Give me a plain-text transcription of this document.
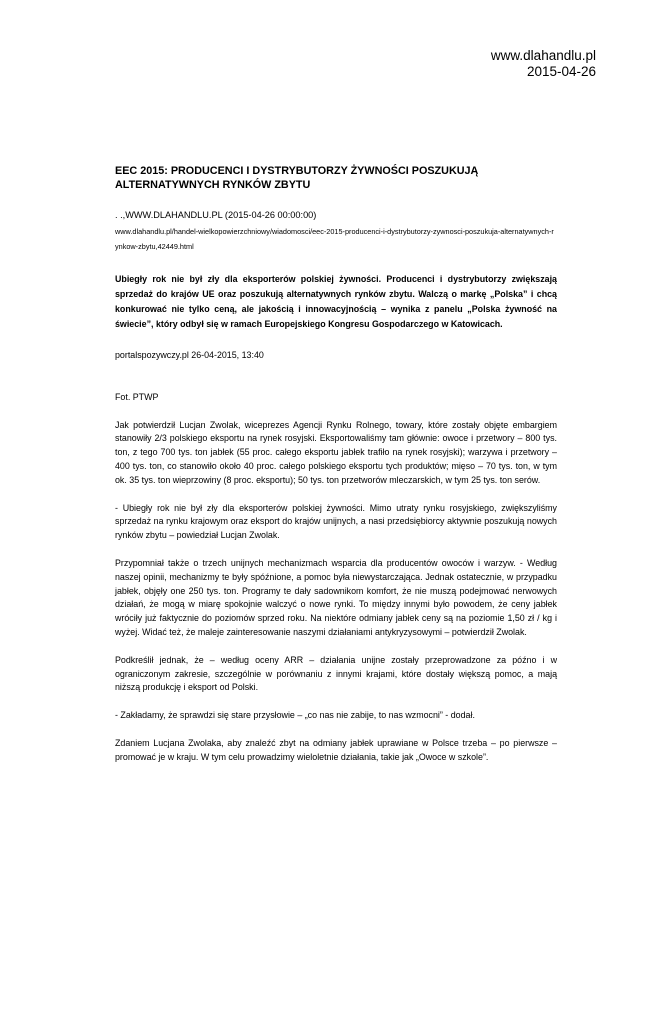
www.dlahandlu.pl
2015-04-26
EEC 2015: PRODUCENCI I DYSTRYBUTORZY ŻYWNOŚCI POSZUKUJĄ ALTERNATYWNYCH RYNKÓW ZBYTU

. .,WWW.DLAHANDLU.PL (2015-04-26 00:00:00)

www.dlahandlu.pl/handel-wielkopowierzchniowy/wiadomosci/eec-2015-producenci-i-dystrybutorzy-zywnosci-poszukuja-alternatywnych-rynkow-zbytu,42449.html

Ubiegły rok nie był zły dla eksporterów polskiej żywności. Producenci i dystrybutorzy zwiększają sprzedaż do krajów UE oraz poszukują alternatywnych rynków zbytu. Walczą o markę „Polska” i chcą konkurować nie tylko ceną, ale jakością i innowacyjnością – wynika z panelu „Polska żywność na świecie”, który odbył się w ramach Europejskiego Kongresu Gospodarczego w Katowicach.

portalspozywczy.pl 26-04-2015, 13:40

Fot. PTWP

Jak potwierdził Lucjan Zwolak, wiceprezes Agencji Rynku Rolnego, towary, które zostały objęte embargiem stanowiły 2/3 polskiego eksportu na rynek rosyjski. Eksportowaliśmy tam głównie: owoce i przetwory – 800 tys. ton, z tego 700 tys. ton jabłek (55 proc. całego eksportu jabłek trafiło na rynek rosyjski); warzywa i przetwory – 400 tys. ton, co stanowiło około 40 proc. całego polskiego eksportu tych produktów; mięso – 70 tys. ton, w tym ok. 35 tys. ton wieprzowiny (8 proc. eksportu); 50 tys. ton przetworów mleczarskich, w tym 25 tys. ton serów.

- Ubiegły rok nie był zły dla eksporterów polskiej żywności. Mimo utraty rynku rosyjskiego, zwiększyliśmy sprzedaż na rynku krajowym oraz eksport do krajów unijnych, a nasi przedsiębiorcy aktywnie poszukują nowych rynków zbytu – powiedział Lucjan Zwolak.

Przypomniał także o trzech unijnych mechanizmach wsparcia dla producentów owoców i warzyw. - Według naszej opinii, mechanizmy te były spóźnione, a pomoc była niewystarczająca. Jednak ostatecznie, w przypadku jabłek, objęły one 250 tys. ton. Programy te dały sadownikom komfort, że nie muszą podejmować nerwowych działań, że mogą w miarę spokojnie walczyć o nowe rynki. To między innymi było powodem, że ceny jabłek wróciły już faktycznie do poziomów sprzed roku. Na niektóre odmiany jabłek ceny są na poziomie 1,50 zł / kg i wyżej. Widać też, że maleje zainteresowanie naszymi działaniami antykryzysowymi – potwierdził Zwolak.

Podkreślił jednak, że – według oceny ARR – działania unijne zostały przeprowadzone za późno i w ograniczonym zakresie, szczególnie w porównaniu z innymi krajami, które dostały większą pomoc, a mają niższą produkcję i eksport od Polski.

- Zakładamy, że sprawdzi się stare przysłowie – „co nas nie zabije, to nas wzmocni” - dodał.

Zdaniem Lucjana Zwolaka, aby znaleźć zbyt na odmiany jabłek uprawiane w Polsce trzeba – po pierwsze – promować je w kraju. W tym celu prowadzimy wieloletnie działania, takie jak „Owoce w szkole”.
